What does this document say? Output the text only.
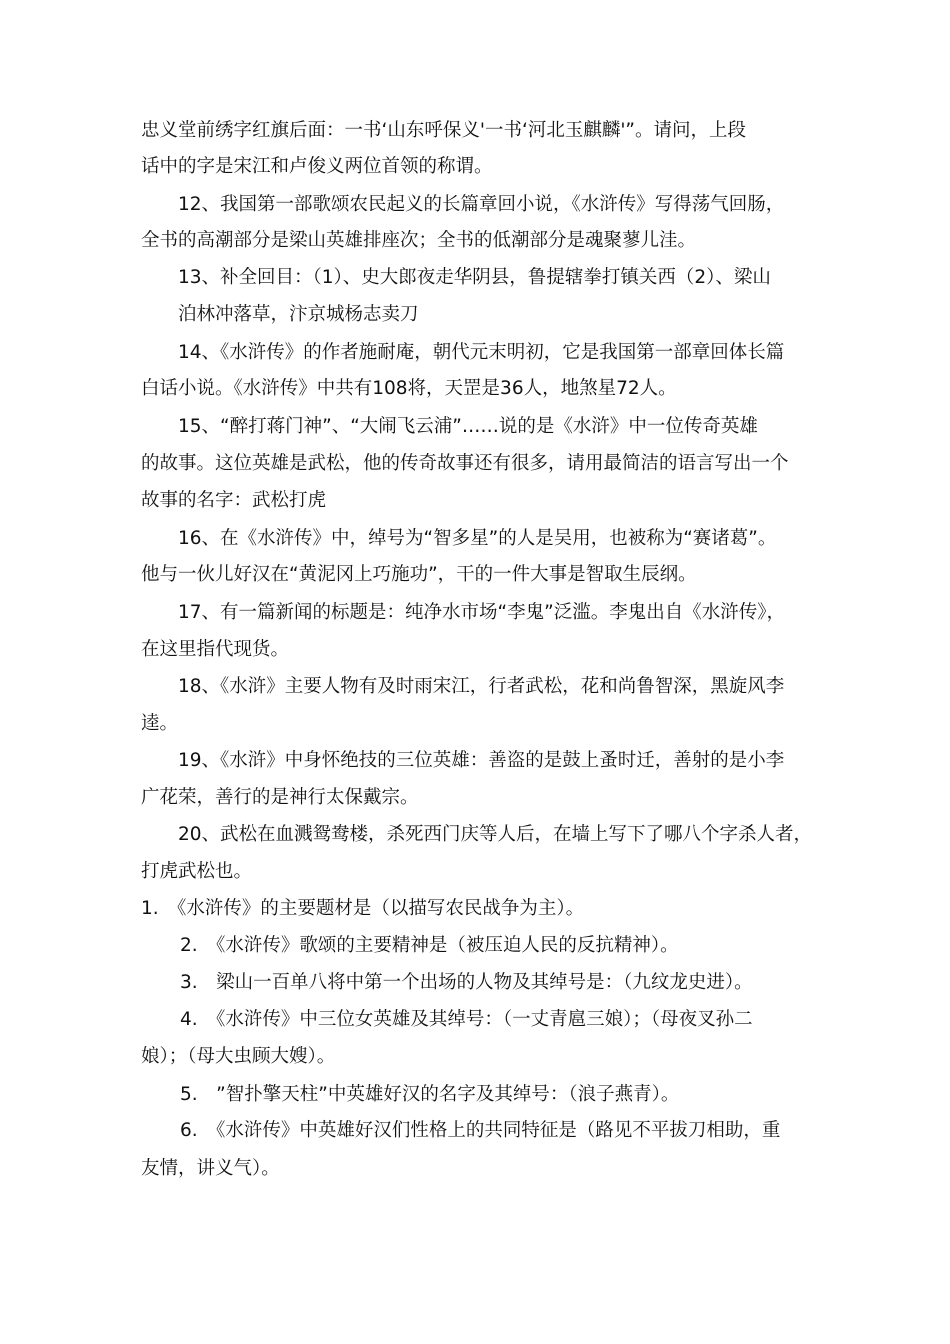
忠义堂前绣字红旗后面：一书‘山东呼保义'一书‘河北玉麒麟'”。请问，上段
话中的字是宋江和卢俊义两位首领的称谓。
12、我国第一部歌颂农民起义的长篇章回小说，《水浒传》写得荡气回肠，
全书的高潮部分是梁山英雄排座次；全书的低潮部分是魂聚蓼儿洼。
13、补全回目：（1）、史大郎夜走华阴县，鲁提辖拳打镇关西（2）、梁山
泊林冲落草，汴京城杨志卖刀
14、《水浒传》的作者施耐庵，朝代元末明初，它是我国第一部章回体长篇
白话小说。《水浒传》中共有108将，天罡是36人，地煞星72人。
15、“醉打蒋门神”、“大闹飞云浦”……说的是《水浒》中一位传奇英雄
的故事。这位英雄是武松，他的传奇故事还有很多，请用最简洁的语言写出一个
故事的名字：武松打虎
16、在《水浒传》中，绰号为“智多星”的人是吴用，也被称为“赛诸葛”。
他与一伙儿好汉在“黄泥冈上巧施功”，干的一件大事是智取生辰纲。
17、有一篇新闻的标题是：纯净水市场“李鬼”泛滥。李鬼出自《水浒传》，
在这里指代现货。
18、《水浒》主要人物有及时雨宋江，行者武松，花和尚鲁智深，黑旋风李
逵。
19、《水浒》中身怀绝技的三位英雄：善盗的是鼓上蚤时迁，善射的是小李
广花荣，善行的是神行太保戴宗。
20、武松在血溅鸳鸯楼，杀死西门庆等人后，在墙上写下了哪八个字杀人者，
打虎武松也。
1.　《水浒传》的主要题材是（以描写农民战争为主）。
2.　《水浒传》歌颂的主要精神是（被压迫人民的反抗精神）。
3.　梁山一百单八将中第一个出场的人物及其绰号是：（九纹龙史进）。
4.　《水浒传》中三位女英雄及其绰号：（一丈青扈三娘）；（母夜叉孙二
娘）；（母大虫顾大嫂）。
5.　”智扑擎天柱”中英雄好汉的名字及其绰号：（浪子燕青）。
6.　《水浒传》中英雄好汉们性格上的共同特征是（路见不平拔刀相助，重
友情，讲义气）。
